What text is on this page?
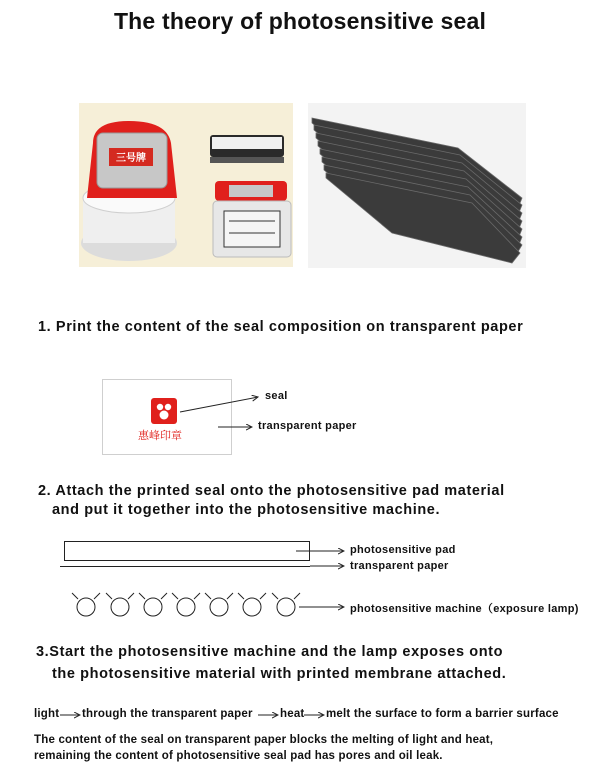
The theory of photosensitive seal
三号牌
1. Print the content of the seal composition on transparent paper
惠峰印章
seal
transparent paper
2. Attach the printed seal onto the photosensitive pad material
and put it together into the photosensitive machine.
photosensitive pad
transparent paper
photosensitive machine（exposure lamp)
3.Start the photosensitive machine and the lamp exposes onto
the photosensitive material with printed membrane attached.
light through the transparent paper heat melt the surface to form a barrier surface
The content of the seal on transparent paper blocks the melting of light and heat,
remaining the content of photosensitive seal pad has pores and oil leak.
